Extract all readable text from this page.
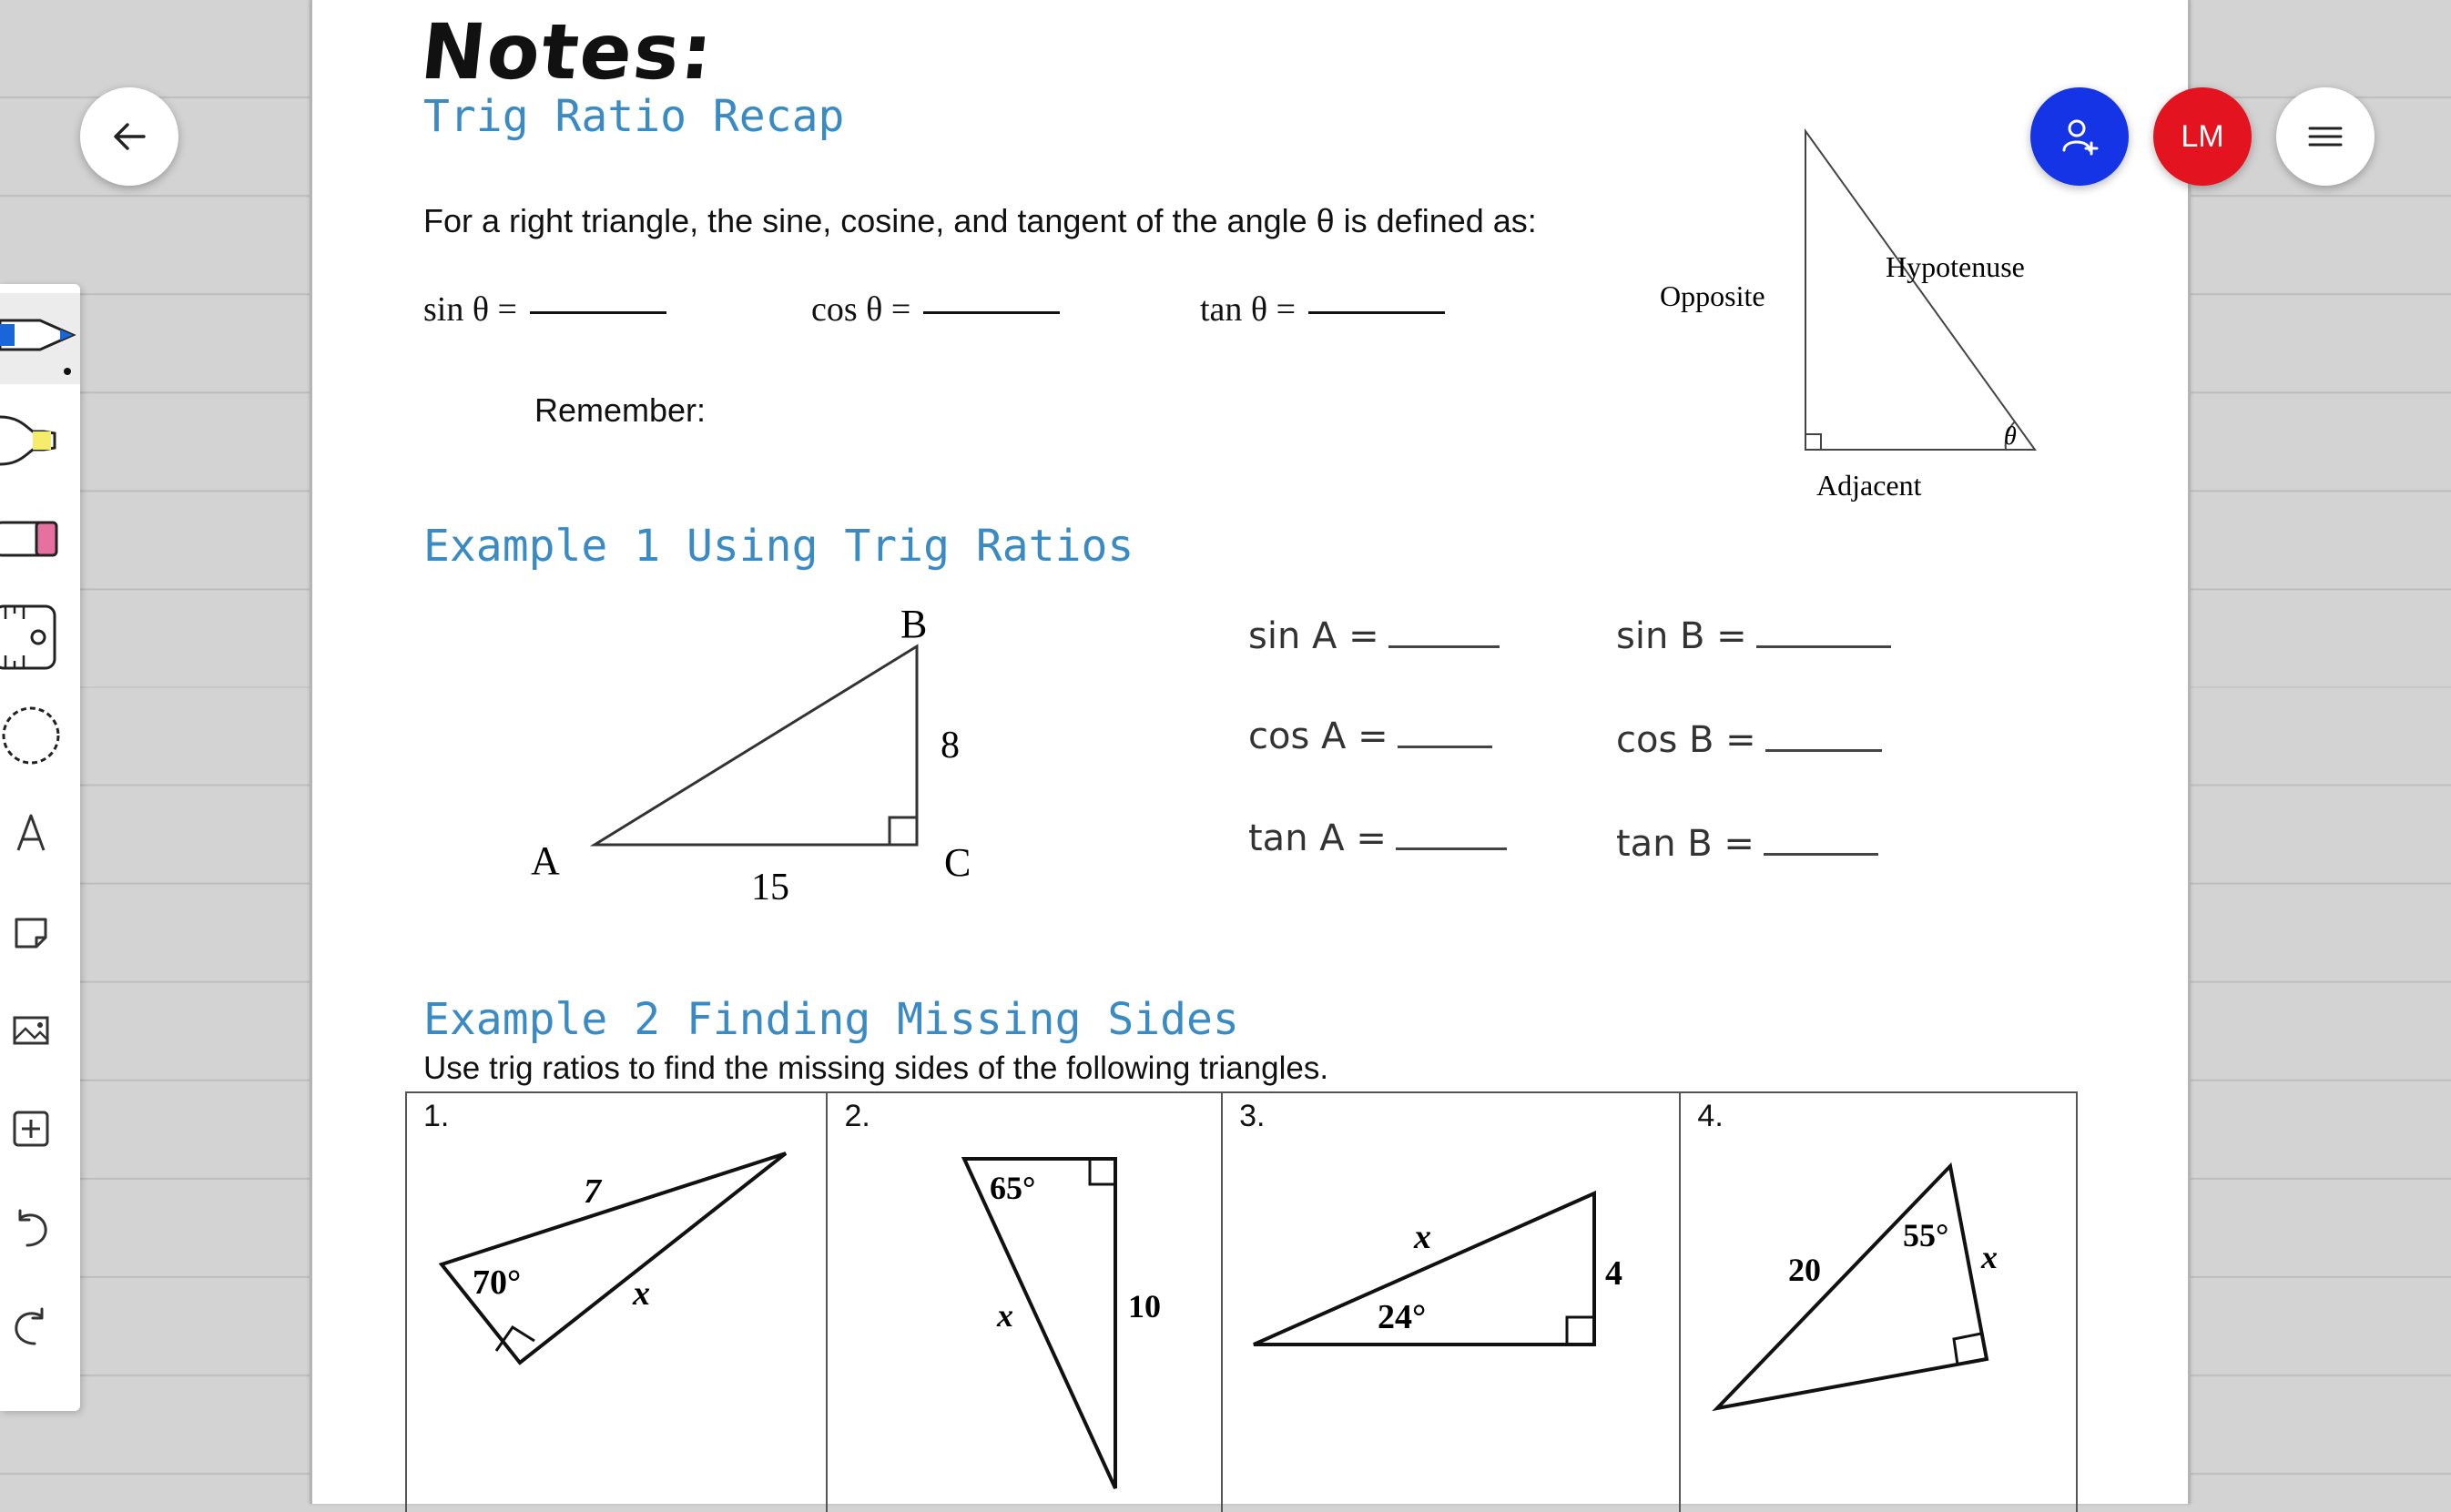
Notes:
Trig Ratio Recap
For a right triangle, the sine, cosine, and tangent of the angle θ is defined as:
sin θ =	cos θ =	tan θ =
Remember:
θ
Opposite
Hypotenuse
Adjacent
Example 1 Using Trig Ratios
A
B
C
8
15
sin A =
cos A =
tan A =
sin B =
cos B =
tan B =
Example 2 Finding Missing Sides
Use trig ratios to find the missing sides of the following triangles.
1.
7
70°	x
2.
65°
10
x
3.
x
24°
4
4.
20
55°
x
LM
